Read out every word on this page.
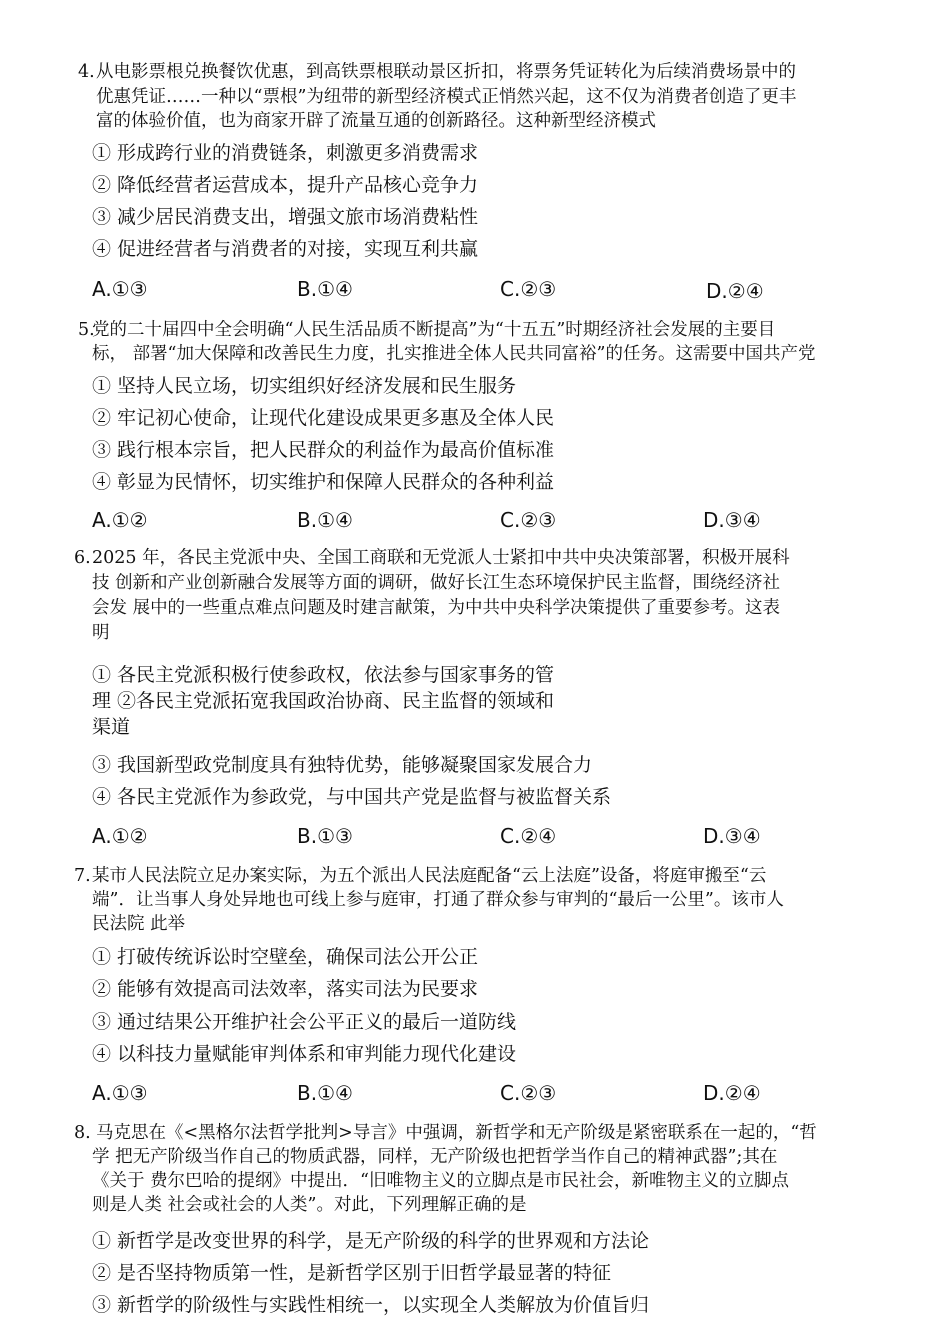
4. 从电影票根兑换餐饮优惠，到高铁票根联动景区折扣，将票务凭证转化为后续消费场景中的
优惠凭证……一种以“票根”为纽带的新型经济模式正悄然兴起，这不仅为消费者创造了更丰
富的体验价值，也为商家开辟了流量互通的创新路径。这种新型经济模式
① 形成跨行业的消费链条，刺激更多消费需求
② 降低经营者运营成本，提升产品核心竞争力
③ 减少居民消费支出，增强文旅市场消费粘性
④ 促进经营者与消费者的对接，实现互利共赢
A.①③	B.①④	C.②③	D.②④
5.
党的二十届四中全会明确“人民生活品质不断提高”为“十五五”时期经济社会发展的主要目
标， 部署“加大保障和改善民生力度，扎实推进全体人民共同富裕”的任务。这需要中国共产党
① 坚持人民立场，切实组织好经济发展和民生服务
② 牢记初心使命，让现代化建设成果更多惠及全体人民
③ 践行根本宗旨，把人民群众的利益作为最高价值标准
④ 彰显为民情怀，切实维护和保障人民群众的各种利益
A.①②	B.①④	C.②③	D.③④
6. 2025 年，各民主党派中央、全国工商联和无党派人士紧扣中共中央决策部署，积极开展科
技 创新和产业创新融合发展等方面的调研，做好长江生态环境保护民主监督，围绕经济社
会发 展中的一些重点难点问题及时建言献策，为中共中央科学决策提供了重要参考。这表
明
① 各民主党派积极行使参政权，依法参与国家事务的管
理 ②各民主党派拓宽我国政治协商、民主监督的领域和
渠道
③ 我国新型政党制度具有独特优势，能够凝聚国家发展合力
④ 各民主党派作为参政党，与中国共产党是监督与被监督关系
A.①②	B.①③	C.②④	D.③④
7. 某市人民法院立足办案实际，为五个派出人民法庭配备“云上法庭”设备，将庭审搬至“云
端”．让当事人身处异地也可线上参与庭审，打通了群众参与审判的“最后一公里”。该市人
民法院 此举
① 打破传统诉讼时空壁垒，确保司法公开公正
② 能够有效提高司法效率，落实司法为民要求
③ 通过结果公开维护社会公平正义的最后一道防线
④ 以科技力量赋能审判体系和审判能力现代化建设
A.①③	B.①④	C.②③	D.②④
8. 马克思在《<黑格尔法哲学批判>导言》中强调，新哲学和无产阶级是紧密联系在一起的，“哲
学 把无产阶级当作自己的物质武器，同样，无产阶级也把哲学当作自己的精神武器”;其在
《关于 费尔巴哈的提纲》中提出．“旧唯物主义的立脚点是市民社会，新唯物主义的立脚点
则是人类 社会或社会的人类”。对此，下列理解正确的是
① 新哲学是改变世界的科学，是无产阶级的科学的世界观和方法论
② 是否坚持物质第一性，是新哲学区别于旧哲学最显著的特征
③ 新哲学的阶级性与实践性相统一，以实现全人类解放为价值旨归
